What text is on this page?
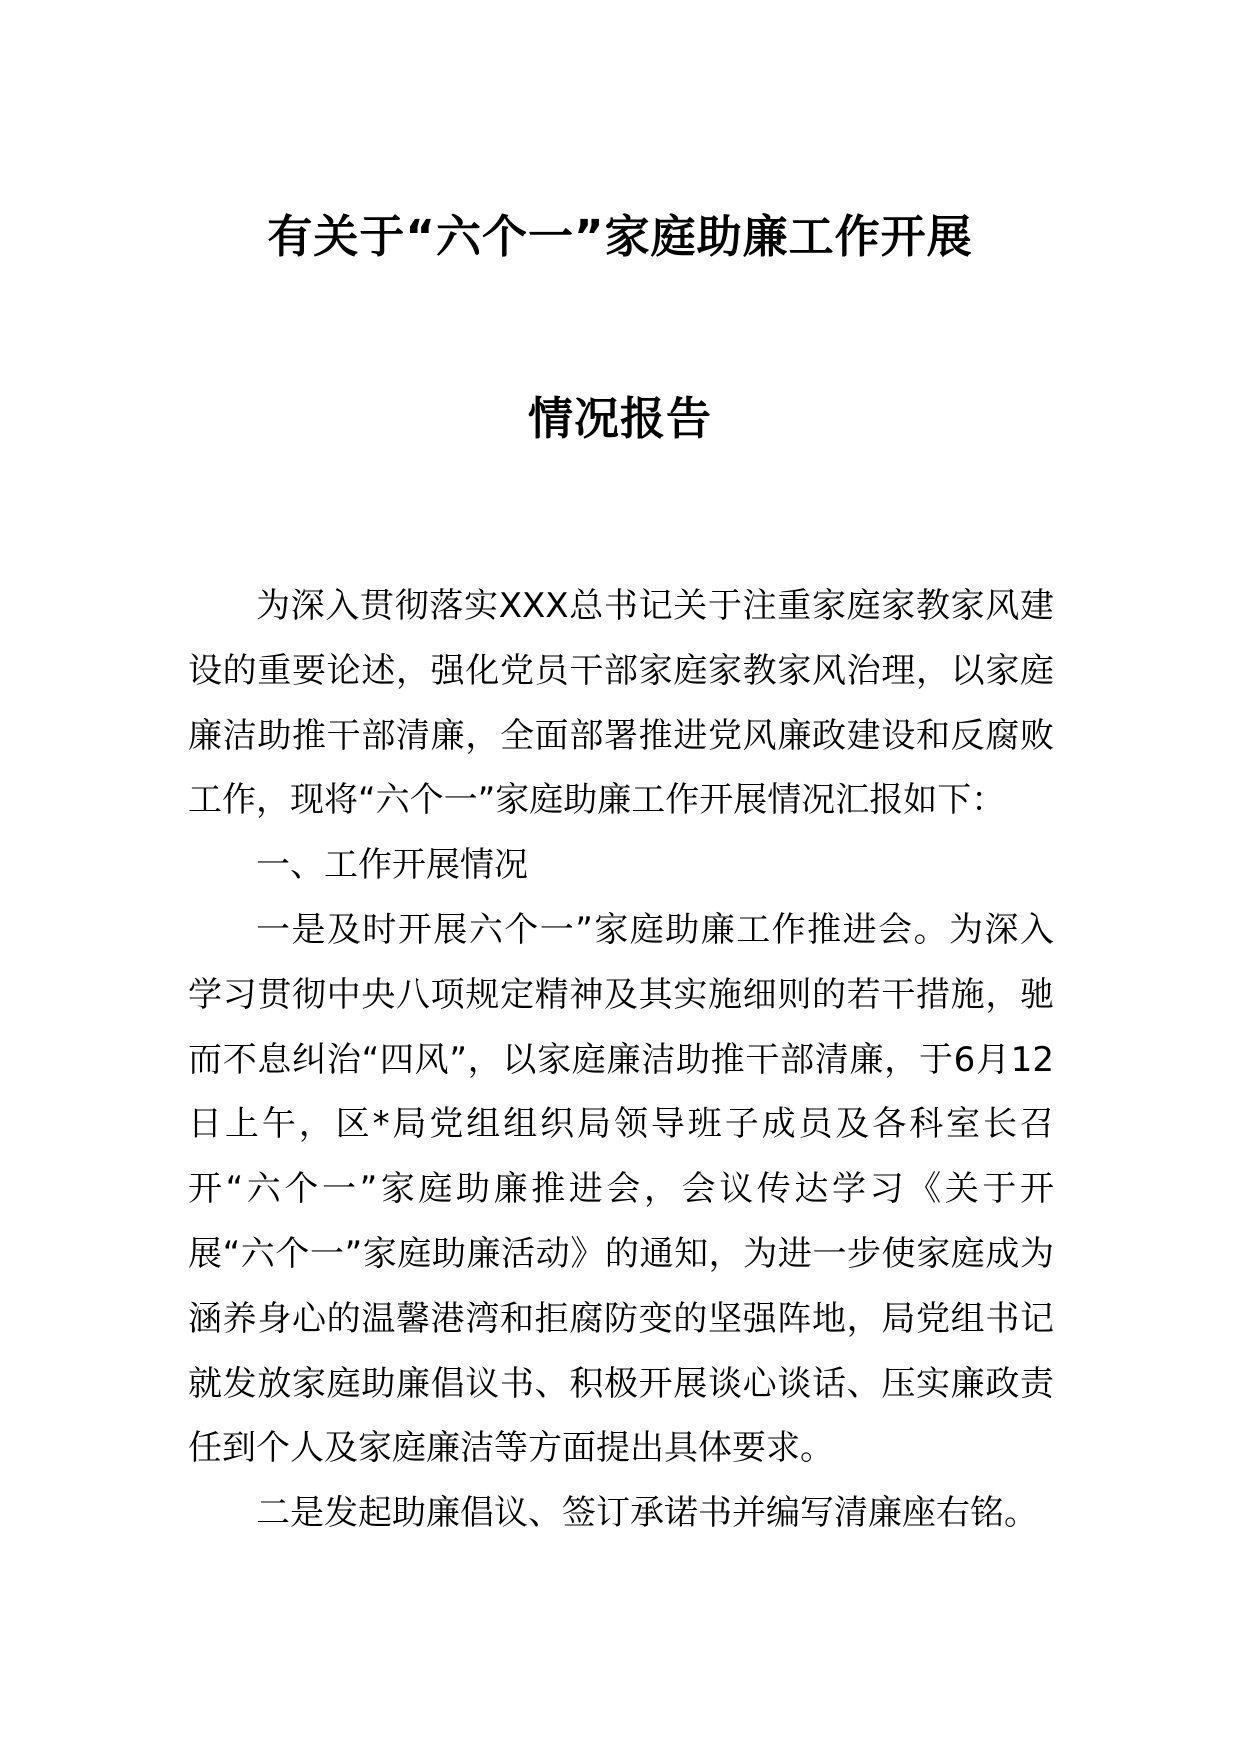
有关于“六个一”家庭助廉工作开展
情况报告

为深入贯彻落实XXX总书记关于注重家庭家教家风建设的重要论述，强化党员干部家庭家教家风治理，以家庭廉洁助推干部清廉，全面部署推进党风廉政建设和反腐败工作，现将“六个一”家庭助廉工作开展情况汇报如下：

一、工作开展情况

一是及时开展六个一”家庭助廉工作推进会。为深入学习贯彻中央八项规定精神及其实施细则的若干措施，驰而不息纠治“四风”，以家庭廉洁助推干部清廉，于6月12日上午，区*局党组组织局领导班子成员及各科室长召开“六个一”家庭助廉推进会，会议传达学习《关于开展“六个一”家庭助廉活动》的通知，为进一步使家庭成为涵养身心的温馨港湾和拒腐防变的坚强阵地，局党组书记就发放家庭助廉倡议书、积极开展谈心谈话、压实廉政责任到个人及家庭廉洁等方面提出具体要求。

二是发起助廉倡议、签订承诺书并编写清廉座右铭。
